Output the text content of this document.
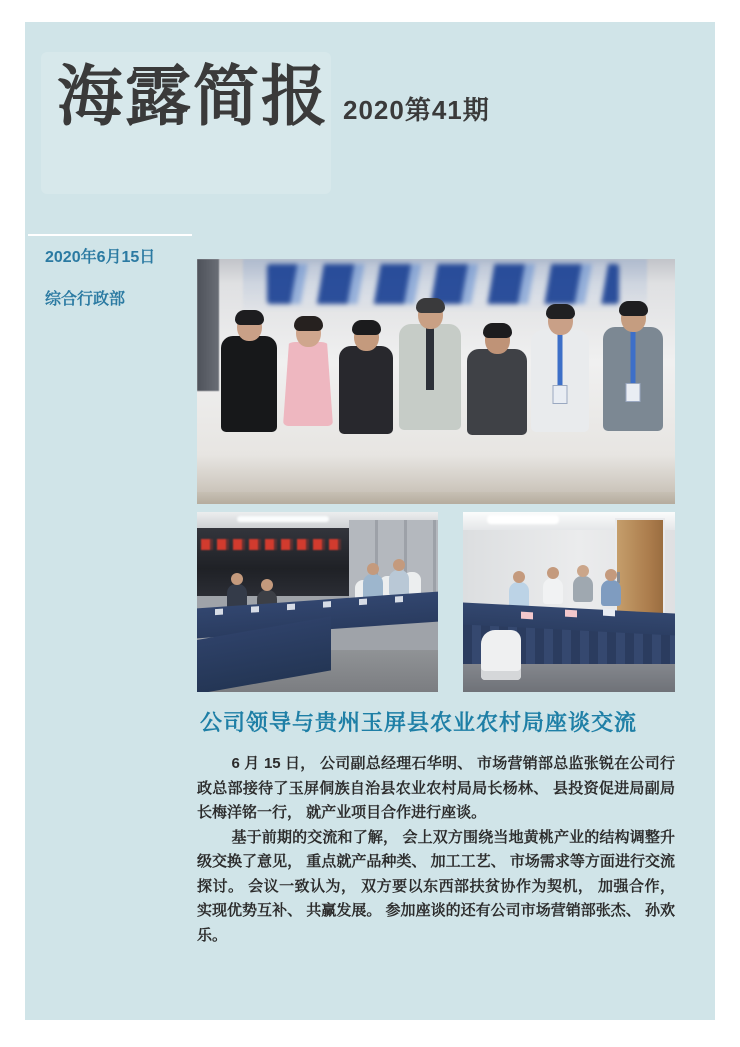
海露简报 2020第41期
2020年6月15日
综合行政部
公司领导与贵州玉屏县农业农村局座谈交流

6 月 15 日， 公司副总经理石华明、 市场营销部总监张锐在公司行政总部接待了玉屏侗族自治县农业农村局局长杨林、 县投资促进局副局长梅洋铭一行， 就产业项目合作进行座谈。

基于前期的交流和了解， 会上双方围绕当地黄桃产业的结构调整升级交换了意见， 重点就产品种类、 加工工艺、 市场需求等方面进行交流探讨。 会议一致认为， 双方要以东西部扶贫协作为契机， 加强合作， 实现优势互补、 共赢发展。 参加座谈的还有公司市场营销部张杰、 孙欢乐。
